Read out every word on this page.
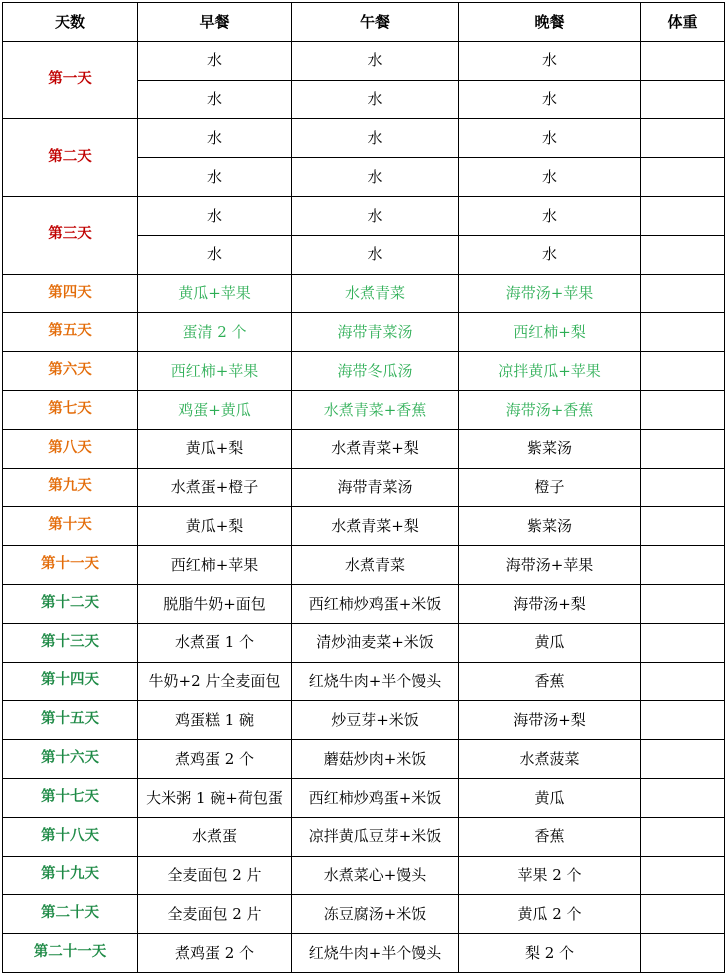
天数	早餐	午餐	晚餐	体重
第一天	水	水	水	
	水	水	水	
第二天	水	水	水	
	水	水	水	
第三天	水	水	水	
	水	水	水	
第四天	黄瓜+苹果	水煮青菜	海带汤+苹果	
第五天	蛋清 2 个	海带青菜汤	西红柿+梨	
第六天	西红柿+苹果	海带冬瓜汤	凉拌黄瓜+苹果	
第七天	鸡蛋+黄瓜	水煮青菜+香蕉	海带汤+香蕉	
第八天	黄瓜+梨	水煮青菜+梨	紫菜汤	
第九天	水煮蛋+橙子	海带青菜汤	橙子	
第十天	黄瓜+梨	水煮青菜+梨	紫菜汤	
第十一天	西红柿+苹果	水煮青菜	海带汤+苹果	
第十二天	脱脂牛奶+面包	西红柿炒鸡蛋+米饭	海带汤+梨	
第十三天	水煮蛋 1 个	清炒油麦菜+米饭	黄瓜	
第十四天	牛奶+2 片全麦面包	红烧牛肉+半个馒头	香蕉	
第十五天	鸡蛋糕 1 碗	炒豆芽+米饭	海带汤+梨	
第十六天	煮鸡蛋 2 个	蘑菇炒肉+米饭	水煮菠菜	
第十七天	大米粥 1 碗+荷包蛋	西红柿炒鸡蛋+米饭	黄瓜	
第十八天	水煮蛋	凉拌黄瓜豆芽+米饭	香蕉	
第十九天	全麦面包 2 片	水煮菜心+馒头	苹果 2 个	
第二十天	全麦面包 2 片	冻豆腐汤+米饭	黄瓜 2 个	
第二十一天	煮鸡蛋 2 个	红烧牛肉+半个馒头	梨 2 个	
